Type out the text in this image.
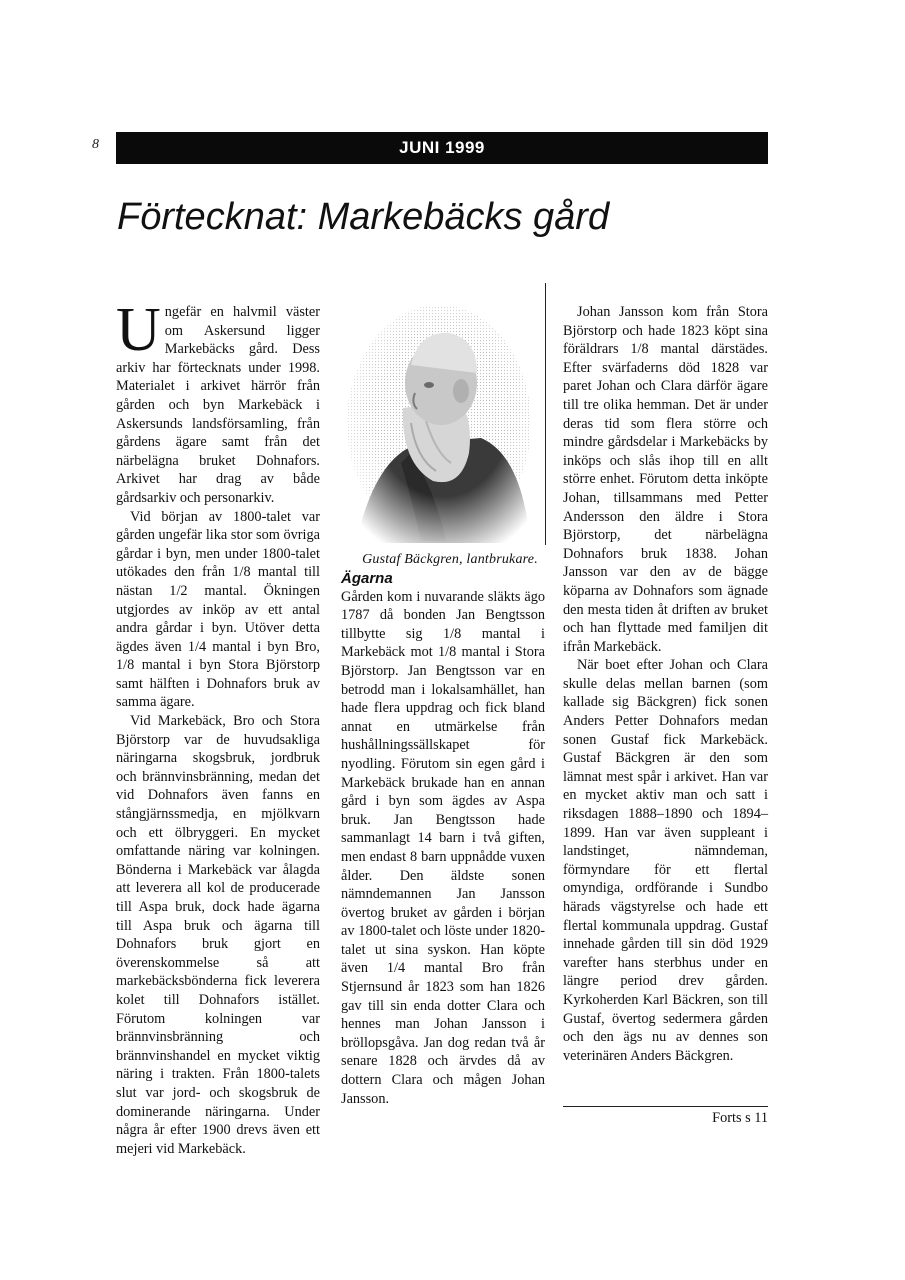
8	JUNI 1999
Förtecknat: Markebäcks gård

Ungefär en halvmil väster om Askersund ligger Markebäcks gård. Dess arkiv har förtecknats under 1998. Materialet i arkivet härrör från gården och byn Markebäck i Askersunds landsförsamling, från gårdens ägare samt från det närbelägna bruket Dohnafors. Arkivet har drag av både gårdsarkiv och personarkiv.

Vid början av 1800-talet var gården ungefär lika stor som övriga gårdar i byn, men under 1800-talet utökades den från 1/8 mantal till nästan 1/2 mantal. Ökningen utgjordes av inköp av ett antal andra gårdar i byn. Utöver detta ägdes även 1/4 mantal i byn Bro, 1/8 mantal i byn Stora Björstorp samt hälften i Dohnafors bruk av samma ägare.

Vid Markebäck, Bro och Stora Björstorp var de huvudsakliga näringarna skogsbruk, jordbruk och brännvinsbränning, medan det vid Dohnafors även fanns en stångjärnssmedja, en mjölkvarn och ett ölbryggeri. En mycket omfattande näring var kolningen. Bönderna i Markebäck var ålagda att leverera all kol de producerade till Aspa bruk, dock hade ägarna till Aspa bruk och ägarna till Dohnafors bruk gjort en överenskommelse så att markebäcksbönderna fick leverera kolet till Dohnafors istället. Förutom kolningen var brännvinsbränning och brännvinshandel en mycket viktig näring i trakten. Från 1800-talets slut var jord- och skogsbruk de dominerande näringarna. Under några år efter 1900 drevs även ett mejeri vid Markebäck.

Gustaf Bäckgren, lantbrukare.

Ägarna

Gården kom i nuvarande släkts ägo 1787 då bonden Jan Bengtsson tillbytte sig 1/8 mantal i Markebäck mot 1/8 mantal i Stora Björstorp. Jan Bengtsson var en betrodd man i lokalsamhället, han hade flera uppdrag och fick bland annat en utmärkelse från hushållningssällskapet för nyodling. Förutom sin egen gård i Markebäck brukade han en annan gård i byn som ägdes av Aspa bruk. Jan Bengtsson hade sammanlagt 14 barn i två giften, men endast 8 barn uppnådde vuxen ålder. Den äldste sonen nämndemannen Jan Jansson övertog bruket av gården i början av 1800-talet och löste under 1820-talet ut sina syskon. Han köpte även 1/4 mantal Bro från Stjernsund år 1823 som han 1826 gav till sin enda dotter Clara och hennes man Johan Jansson i bröllopsgåva. Jan dog redan två år senare 1828 och ärvdes då av dottern Clara och mågen Johan Jansson.

Johan Jansson kom från Stora Björstorp och hade 1823 köpt sina föräldrars 1/8 mantal därstädes. Efter svärfaderns död 1828 var paret Johan och Clara därför ägare till tre olika hemman. Det är under deras tid som flera större och mindre gårdsdelar i Markebäcks by inköps och slås ihop till en allt större enhet. Förutom detta inköpte Johan, tillsammans med Petter Andersson den äldre i Stora Björstorp, det närbelägna Dohnafors bruk 1838. Johan Jansson var den av de bägge köparna av Dohnafors som ägnade den mesta tiden åt driften av bruket och han flyttade med familjen dit ifrån Markebäck.

När boet efter Johan och Clara skulle delas mellan barnen (som kallade sig Bäckgren) fick sonen Anders Petter Dohnafors medan sonen Gustaf fick Markebäck. Gustaf Bäckgren är den som lämnat mest spår i arkivet. Han var en mycket aktiv man och satt i riksdagen 1888–1890 och 1894–1899. Han var även suppleant i landstinget, nämndeman, förmyndare för ett flertal omyndiga, ordförande i Sundbo härads vägstyrelse och hade ett flertal kommunala uppdrag. Gustaf innehade gården till sin död 1929 varefter hans sterbhus under en längre period drev gården. Kyrkoherden Karl Bäckren, son till Gustaf, övertog sedermera gården och den ägs nu av dennes son veterinären Anders Bäckgren.

Forts s 11
